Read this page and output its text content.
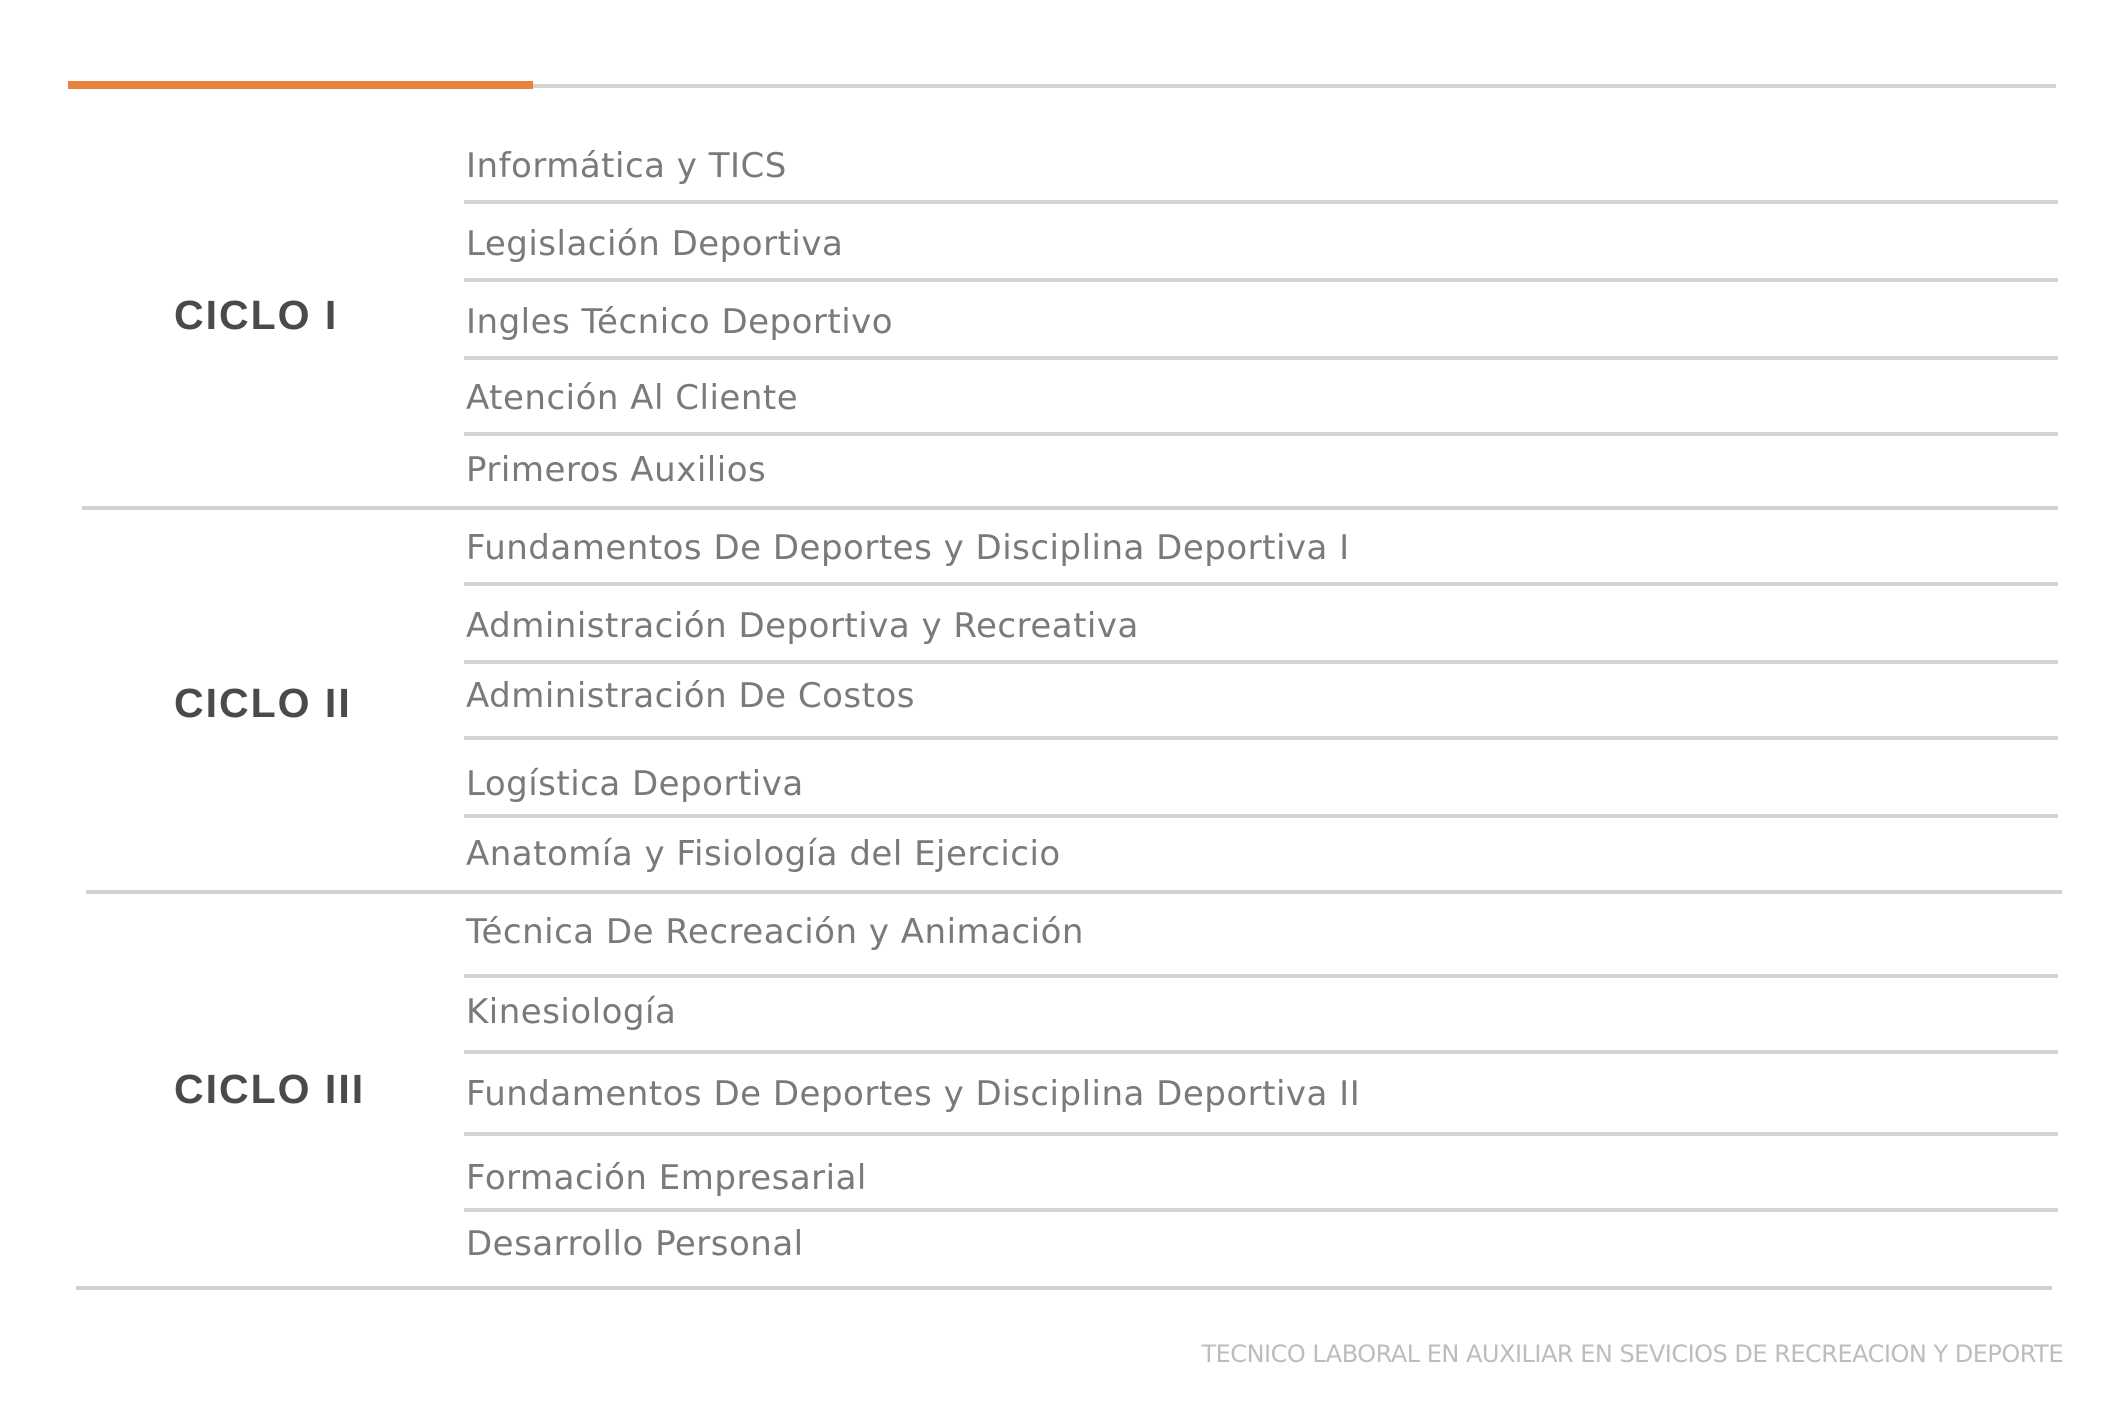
CICLO I
Informática y TICS
Legislación Deportiva
Ingles Técnico Deportivo
Atención Al Cliente
Primeros Auxilios
CICLO II
Fundamentos De Deportes y Disciplina Deportiva I
Administración Deportiva y Recreativa
Administración De Costos
Logística Deportiva
Anatomía y Fisiología del Ejercicio
CICLO III
Técnica De Recreación y Animación
Kinesiología
Fundamentos De Deportes y Disciplina Deportiva II
Formación Empresarial
Desarrollo Personal
TECNICO LABORAL EN AUXILIAR EN SEVICIOS DE RECREACION Y DEPORTE
